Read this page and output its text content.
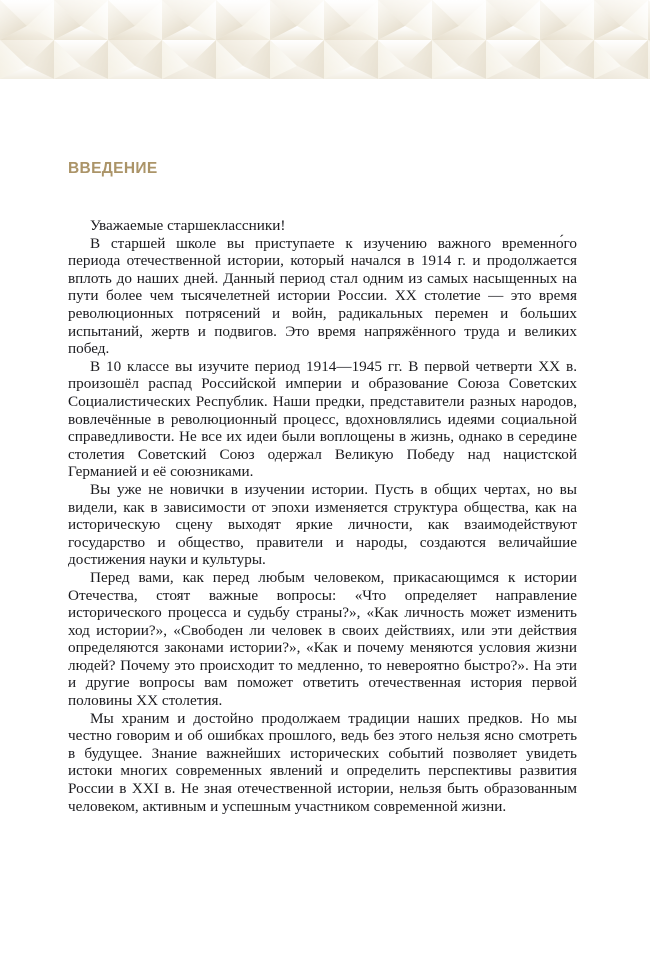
ВВЕДЕНИЕ

Уважаемые старшеклассники!

В старшей школе вы приступаете к изучению важного временно́го периода отечественной истории, который начался в 1914 г. и продолжается вплоть до наших дней. Данный период стал одним из самых насыщенных на пути более чем тысячелетней истории России. XX столетие — это время революционных потрясений и войн, радикальных перемен и больших испытаний, жертв и подвигов. Это время напряжённого труда и великих побед.

В 10 классе вы изучите период 1914—1945 гг. В первой четверти XX в. произошёл распад Российской империи и образование Союза Советских Социалистических Республик. Наши предки, представители разных народов, вовлечённые в революционный процесс, вдохновлялись идеями социальной справедливости. Не все их идеи были воплощены в жизнь, однако в середине столетия Советский Союз одержал Великую Победу над нацистской Германией и её союзниками.

Вы уже не новички в изучении истории. Пусть в общих чертах, но вы видели, как в зависимости от эпохи изменяется структура общества, как на историческую сцену выходят яркие личности, как взаимодействуют государство и общество, правители и народы, создаются величайшие достижения науки и культуры.

Перед вами, как перед любым человеком, прикасающимся к истории Отечества, стоят важные вопросы: «Что определяет направление исторического процесса и судьбу страны?», «Как личность может изменить ход истории?», «Свободен ли человек в своих действиях, или эти действия определяются законами истории?», «Как и почему меняются условия жизни людей? Почему это происходит то медленно, то невероятно быстро?». На эти и другие вопросы вам поможет ответить отечественная история первой половины XX столетия.

Мы храним и достойно продолжаем традиции наших предков. Но мы честно говорим и об ошибках прошлого, ведь без этого нельзя ясно смотреть в будущее. Знание важнейших исторических событий позволяет увидеть истоки многих современных явлений и определить перспективы развития России в XXI в. Не зная отечественной истории, нельзя быть образованным человеком, активным и успешным участником современной жизни.
